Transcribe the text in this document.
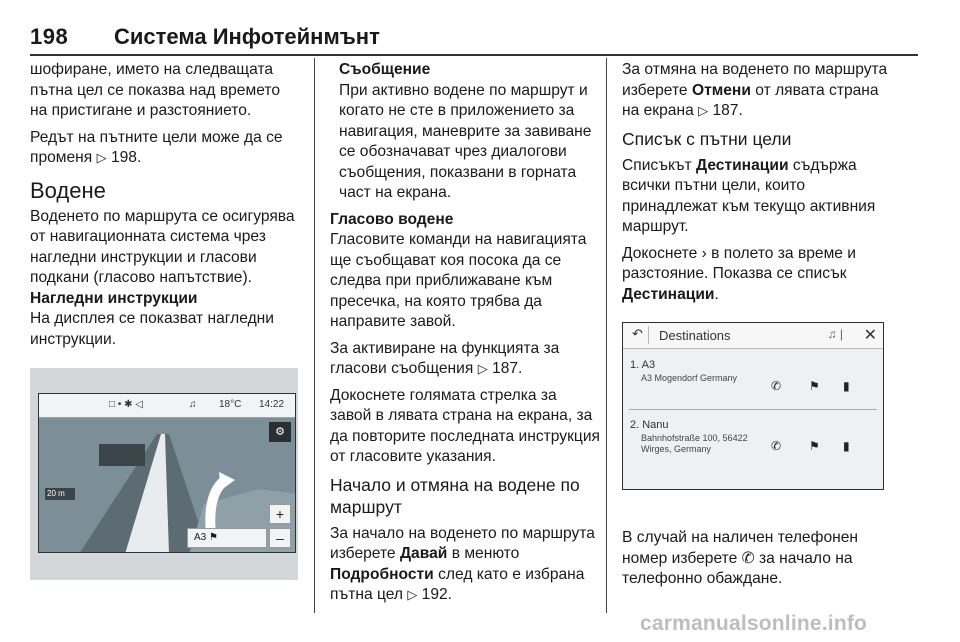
198 Система Инфотейнмънт

шофиране, името на следващата пътна цел се показва над времето на пристигане и разстоянието.

Редът на пътните цели може да се променя ▷ 198.

Водене

Воденето по маршрута се осигурява от навигационната система чрез нагледни инструкции и гласови подкани (гласово напътствие).

Нагледни инструкции

На дисплея се показват нагледни инструкции.

□ • ✱ ◁	♫ 18°C 14:22
20 m
⚙
+
–
A3 ⚑
Съобщение

При активно водене по маршрут и когато не сте в приложението за навигация, маневрите за завиване се обозначават чрез диалогови съобщения, показвани в горната част на екрана.

Гласово водене

Гласовите команди на навигацията ще съобщават коя посока да се следва при приближаване към пресечка, на която трябва да направите завой.

За активиране на функцията за гласови съобщения ▷ 187.

Докоснете голямата стрелка за завой в лявата страна на екрана, за да повторите последната инструкция от гласовите указания.

Начало и отмяна на водене по маршрут

За начало на воденето по маршрута изберете Давай в менюто Подробности след като е избрана пътна цел ▷ 192.

За отмяна на воденето по маршрута изберете Отмени от лявата страна на екрана ▷ 187.

Списък с пътни цели

Списъкът Дестинации съдържа всички пътни цели, които принадлежат към текущо активния маршрут.

Докоснете › в полето за време и разстояние. Показва се списък Дестинации.

↶	Destinations	♫ | ✕
1. A3
A3 Mogendorf Germany
✆ ⚑ ▮
2. Nanu
Bahnhofstraße 100, 56422 Wirges, Germany	✆ ⚑ ▮

В случай на наличен телефонен номер изберете ✆ за начало на телефонно обаждане.

carmanualsonline.info
